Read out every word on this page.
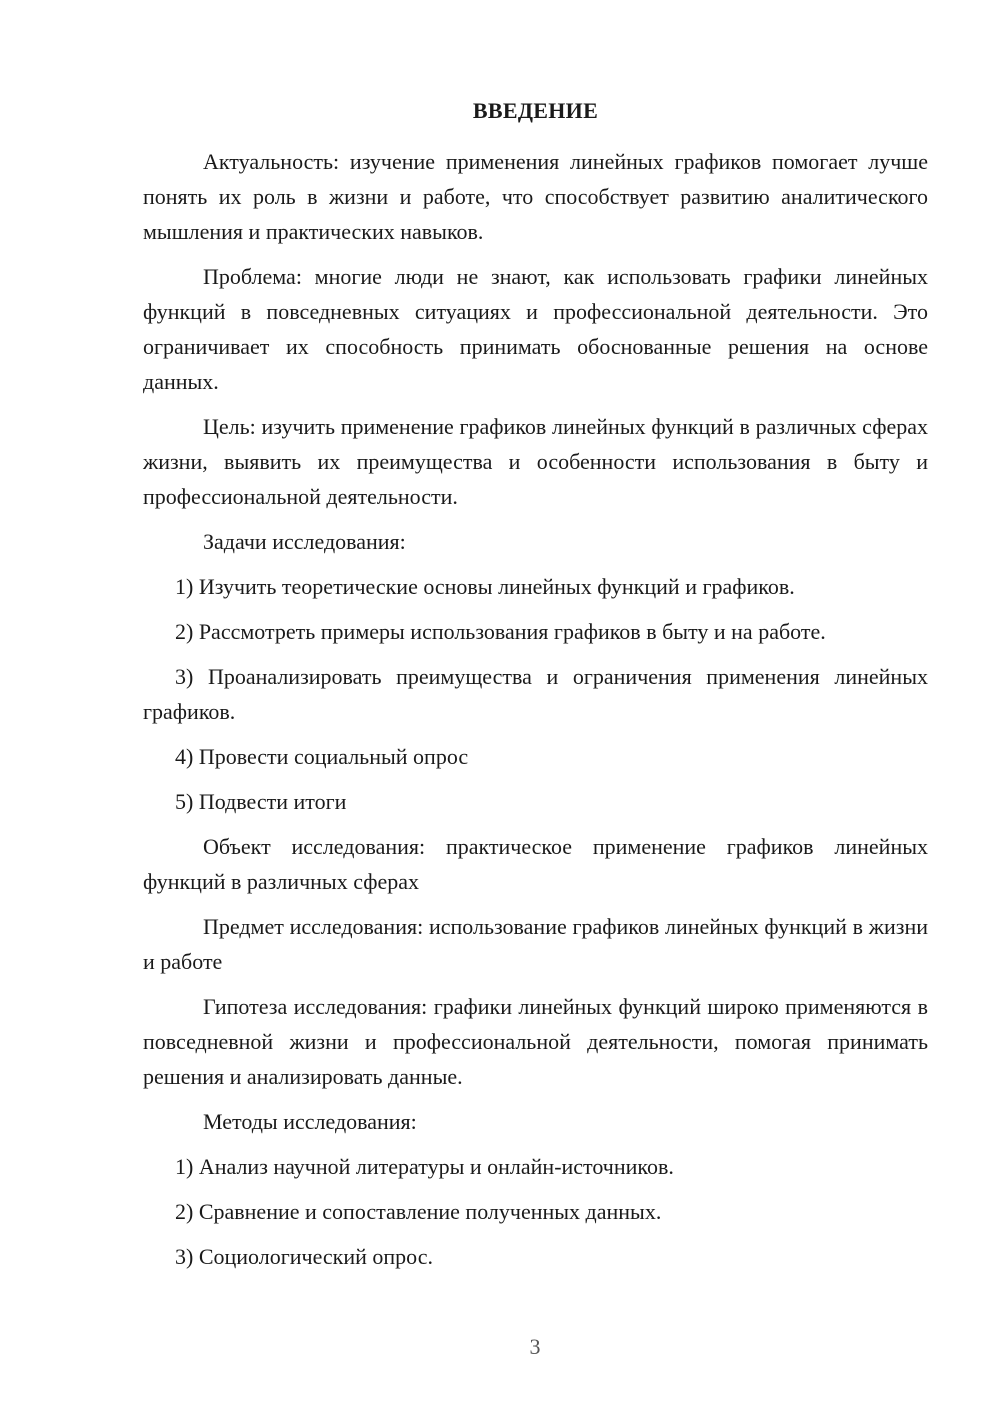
ВВЕДЕНИЕ

Актуальность: изучение применения линейных графиков помогает лучше понять их роль в жизни и работе, что способствует развитию аналитического мышления и практических навыков.

Проблема: многие люди не знают, как использовать графики линейных функций в повседневных ситуациях и профессиональной деятельности. Это ограничивает их способность принимать обоснованные решения на основе данных.

Цель: изучить применение графиков линейных функций в различных сферах жизни, выявить их преимущества и особенности использования в быту и профессиональной деятельности.

Задачи исследования:

1) Изучить теоретические основы линейных функций и графиков.

2) Рассмотреть примеры использования графиков в быту и на работе.

3) Проанализировать преимущества и ограничения применения линейных графиков.

4) Провести социальный опрос

5) Подвести итоги

Объект исследования: практическое применение графиков линейных функций в различных сферах

Предмет исследования: использование графиков линейных функций в жизни и работе

Гипотеза исследования: графики линейных функций широко применяются в повседневной жизни и профессиональной деятельности, помогая принимать решения и анализировать данные.

Методы исследования:

1) Анализ научной литературы и онлайн-источников.

2) Сравнение и сопоставление полученных данных.

3) Социологический опрос.

3
